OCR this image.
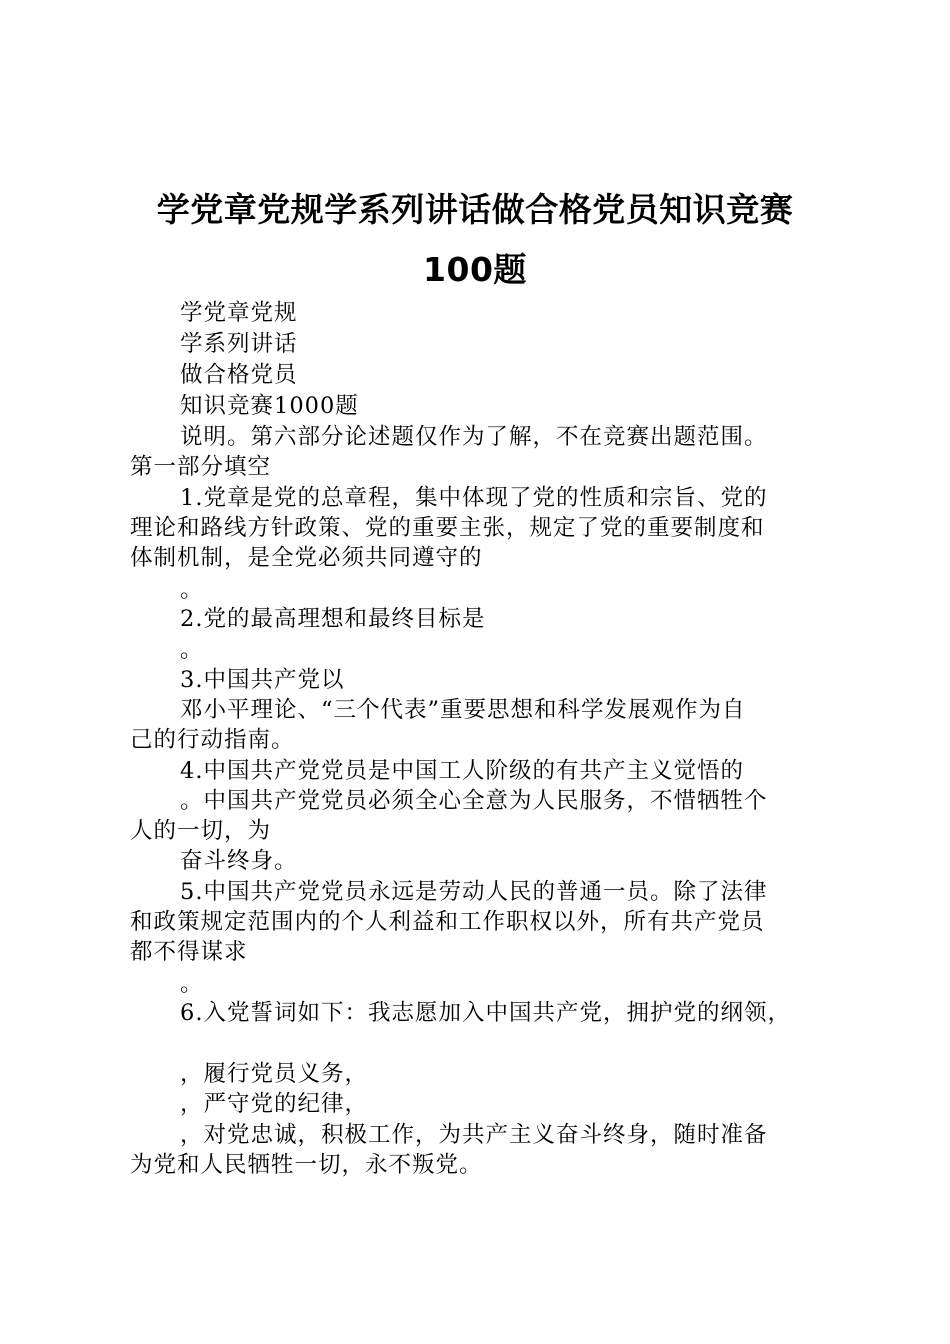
学党章党规学系列讲话做合格党员知识竞赛
100题
学党章党规
学系列讲话
做合格党员
知识竞赛1000题
说明。第六部分论述题仅作为了解，不在竞赛出题范围。
第一部分填空
1.党章是党的总章程，集中体现了党的性质和宗旨、党的
理论和路线方针政策、党的重要主张，规定了党的重要制度和
体制机制，是全党必须共同遵守的
。
2.党的最高理想和最终目标是
。
3.中国共产党以
邓小平理论、“三个代表”重要思想和科学发展观作为自
己的行动指南。
4.中国共产党党员是中国工人阶级的有共产主义觉悟的
。中国共产党党员必须全心全意为人民服务，不惜牺牲个
人的一切，为
奋斗终身。
5.中国共产党党员永远是劳动人民的普通一员。除了法律
和政策规定范围内的个人利益和工作职权以外，所有共产党员
都不得谋求
。
6.入党誓词如下：我志愿加入中国共产党，拥护党的纲领，
，履行党员义务，
，严守党的纪律，
，对党忠诚，积极工作，为共产主义奋斗终身，随时准备
为党和人民牺牲一切，永不叛党。
